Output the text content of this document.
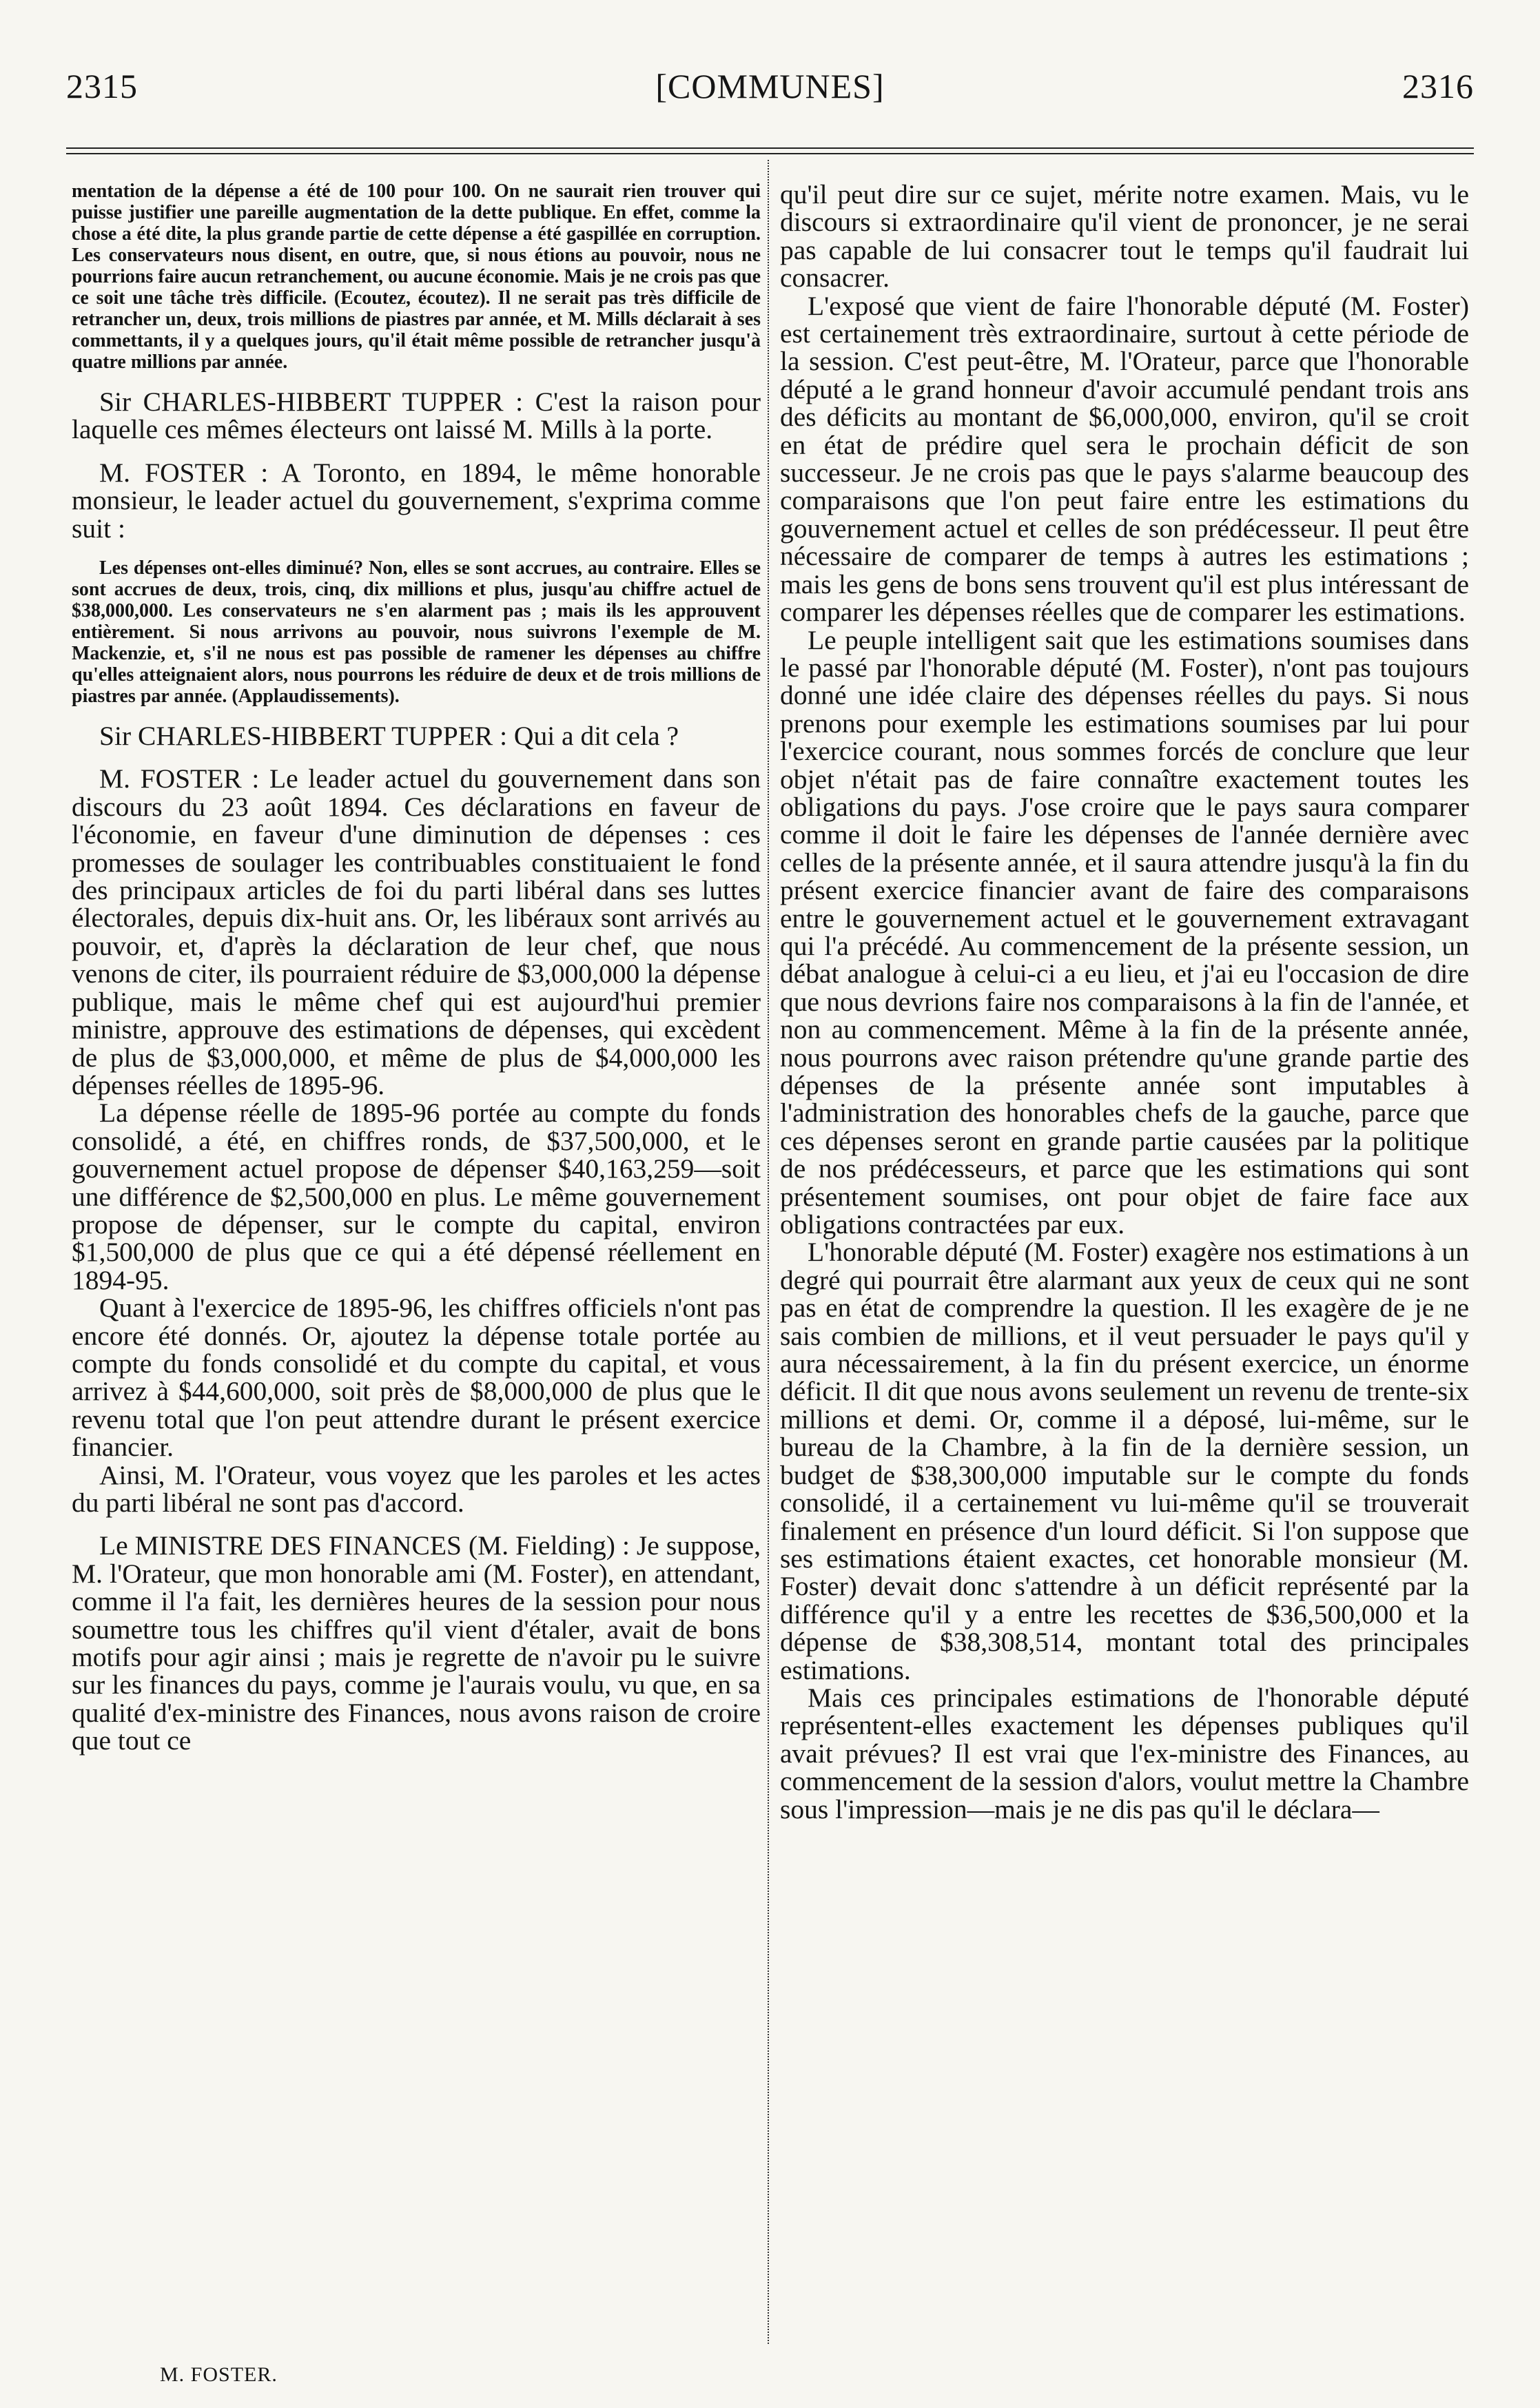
2315	[COMMUNES]	2316

mentation de la dépense a été de 100 pour 100. On ne saurait rien trouver qui puisse justifier une pareille augmentation de la dette publique. En effet, comme la chose a été dite, la plus grande partie de cette dépense a été gaspillée en corruption. Les conservateurs nous disent, en outre, que, si nous étions au pouvoir, nous ne pourrions faire aucun retranchement, ou aucune économie. Mais je ne crois pas que ce soit une tâche très difficile. (Ecoutez, écoutez). Il ne serait pas très difficile de retrancher un, deux, trois millions de piastres par année, et M. Mills déclarait à ses commettants, il y a quelques jours, qu'il était même possible de retrancher jusqu'à quatre millions par année.

Sir CHARLES-HIBBERT TUPPER : C'est la raison pour laquelle ces mêmes électeurs ont laissé M. Mills à la porte.

M. FOSTER : A Toronto, en 1894, le même honorable monsieur, le leader actuel du gouvernement, s'exprima comme suit :

Les dépenses ont-elles diminué? Non, elles se sont accrues, au contraire. Elles se sont accrues de deux, trois, cinq, dix millions et plus, jusqu'au chiffre actuel de $38,000,000. Les conservateurs ne s'en alarment pas ; mais ils les approuvent entièrement. Si nous arrivons au pouvoir, nous suivrons l'exemple de M. Mackenzie, et, s'il ne nous est pas possible de ramener les dépenses au chiffre qu'elles atteignaient alors, nous pourrons les réduire de deux et de trois millions de piastres par année. (Applaudissements).

Sir CHARLES-HIBBERT TUPPER : Qui a dit cela ?

M. FOSTER : Le leader actuel du gouvernement dans son discours du 23 août 1894. Ces déclarations en faveur de l'économie, en faveur d'une diminution de dépenses : ces promesses de soulager les contribuables constituaient le fond des principaux articles de foi du parti libéral dans ses luttes électorales, depuis dix-huit ans. Or, les libéraux sont arrivés au pouvoir, et, d'après la déclaration de leur chef, que nous venons de citer, ils pourraient réduire de $3,000,000 la dépense publique, mais le même chef qui est aujourd'hui premier ministre, approuve des estimations de dépenses, qui excèdent de plus de $3,000,000, et même de plus de $4,000,000 les dépenses réelles de 1895-96.

La dépense réelle de 1895-96 portée au compte du fonds consolidé, a été, en chiffres ronds, de $37,500,000, et le gouvernement actuel propose de dépenser $40,163,259—soit une différence de $2,500,000 en plus. Le même gouvernement propose de dépenser, sur le compte du capital, environ $1,500,000 de plus que ce qui a été dépensé réellement en 1894-95.

Quant à l'exercice de 1895-96, les chiffres officiels n'ont pas encore été donnés. Or, ajoutez la dépense totale portée au compte du fonds consolidé et du compte du capital, et vous arrivez à $44,600,000, soit près de $8,000,000 de plus que le revenu total que l'on peut attendre durant le présent exercice financier.

Ainsi, M. l'Orateur, vous voyez que les paroles et les actes du parti libéral ne sont pas d'accord.

Le MINISTRE DES FINANCES (M. Fielding) : Je suppose, M. l'Orateur, que mon honorable ami (M. Foster), en attendant, comme il l'a fait, les dernières heures de la session pour nous soumettre tous les chiffres qu'il vient d'étaler, avait de bons motifs pour agir ainsi ; mais je regrette de n'avoir pu le suivre sur les finances du pays, comme je l'aurais voulu, vu que, en sa qualité d'ex-ministre des Finances, nous avons raison de croire que tout ce

qu'il peut dire sur ce sujet, mérite notre examen. Mais, vu le discours si extraordinaire qu'il vient de prononcer, je ne serai pas capable de lui consacrer tout le temps qu'il faudrait lui consacrer.

L'exposé que vient de faire l'honorable député (M. Foster) est certainement très extraordinaire, surtout à cette période de la session. C'est peut-être, M. l'Orateur, parce que l'honorable député a le grand honneur d'avoir accumulé pendant trois ans des déficits au montant de $6,000,000, environ, qu'il se croit en état de prédire quel sera le prochain déficit de son successeur. Je ne crois pas que le pays s'alarme beaucoup des comparaisons que l'on peut faire entre les estimations du gouvernement actuel et celles de son prédécesseur. Il peut être nécessaire de comparer de temps à autres les estimations ; mais les gens de bons sens trouvent qu'il est plus intéressant de comparer les dépenses réelles que de comparer les estimations.

Le peuple intelligent sait que les estimations soumises dans le passé par l'honorable député (M. Foster), n'ont pas toujours donné une idée claire des dépenses réelles du pays. Si nous prenons pour exemple les estimations soumises par lui pour l'exercice courant, nous sommes forcés de conclure que leur objet n'était pas de faire connaître exactement toutes les obligations du pays. J'ose croire que le pays saura comparer comme il doit le faire les dépenses de l'année dernière avec celles de la présente année, et il saura attendre jusqu'à la fin du présent exercice financier avant de faire des comparaisons entre le gouvernement actuel et le gouvernement extravagant qui l'a précédé. Au commencement de la présente session, un débat analogue à celui-ci a eu lieu, et j'ai eu l'occasion de dire que nous devrions faire nos comparaisons à la fin de l'année, et non au commencement. Même à la fin de la présente année, nous pourrons avec raison prétendre qu'une grande partie des dépenses de la présente année sont imputables à l'administration des honorables chefs de la gauche, parce que ces dépenses seront en grande partie causées par la politique de nos prédécesseurs, et parce que les estimations qui sont présentement soumises, ont pour objet de faire face aux obligations contractées par eux.

L'honorable député (M. Foster) exagère nos estimations à un degré qui pourrait être alarmant aux yeux de ceux qui ne sont pas en état de comprendre la question. Il les exagère de je ne sais combien de millions, et il veut persuader le pays qu'il y aura nécessairement, à la fin du présent exercice, un énorme déficit. Il dit que nous avons seulement un revenu de trente-six millions et demi. Or, comme il a déposé, lui-même, sur le bureau de la Chambre, à la fin de la dernière session, un budget de $38,300,000 imputable sur le compte du fonds consolidé, il a certainement vu lui-même qu'il se trouverait finalement en présence d'un lourd déficit. Si l'on suppose que ses estimations étaient exactes, cet honorable monsieur (M. Foster) devait donc s'attendre à un déficit représenté par la différence qu'il y a entre les recettes de $36,500,000 et la dépense de $38,308,514, montant total des principales estimations.

Mais ces principales estimations de l'honorable député représentent-elles exactement les dépenses publiques qu'il avait prévues? Il est vrai que l'ex-ministre des Finances, au commencement de la session d'alors, voulut mettre la Chambre sous l'impression—mais je ne dis pas qu'il le déclara—

M. FOSTER.
